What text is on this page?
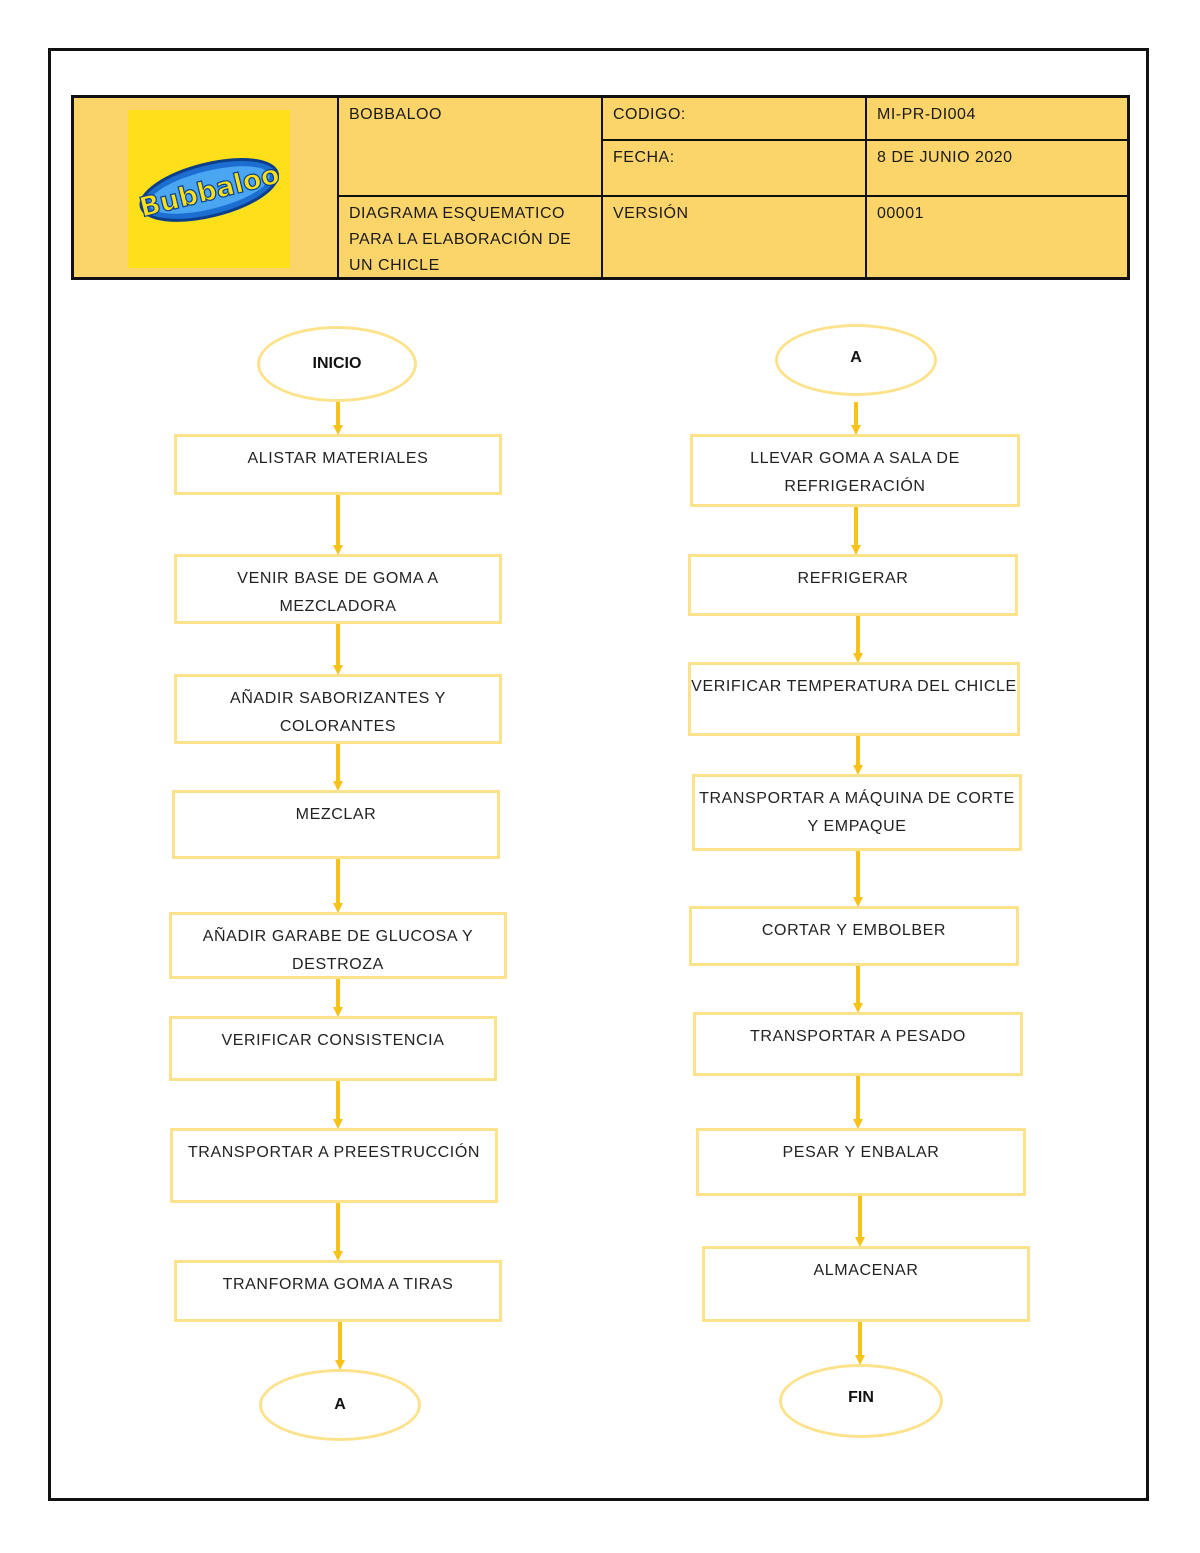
Bubbaloo
BOBBALOO
DIAGRAMA ESQUEMATICO PARA LA ELABORACIÓN DE UN CHICLE
CODIGO:	MI-PR-DI004
FECHA:	8 DE JUNIO 2020
VERSIÓN	00001
INICIO
ALISTAR MATERIALES
VENIR BASE DE GOMA A MEZCLADORA
AÑADIR SABORIZANTES Y COLORANTES
MEZCLAR
AÑADIR GARABE DE GLUCOSA Y DESTROZA
VERIFICAR CONSISTENCIA
TRANSPORTAR A PREESTRUCCIÓN
TRANFORMA GOMA A TIRAS
A
A
LLEVAR GOMA A SALA DE REFRIGERACIÓN
REFRIGERAR
VERIFICAR TEMPERATURA DEL CHICLE
TRANSPORTAR A MÁQUINA DE CORTE Y EMPAQUE
CORTAR Y EMBOLBER
TRANSPORTAR A PESADO
PESAR Y ENBALAR
ALMACENAR
FIN
